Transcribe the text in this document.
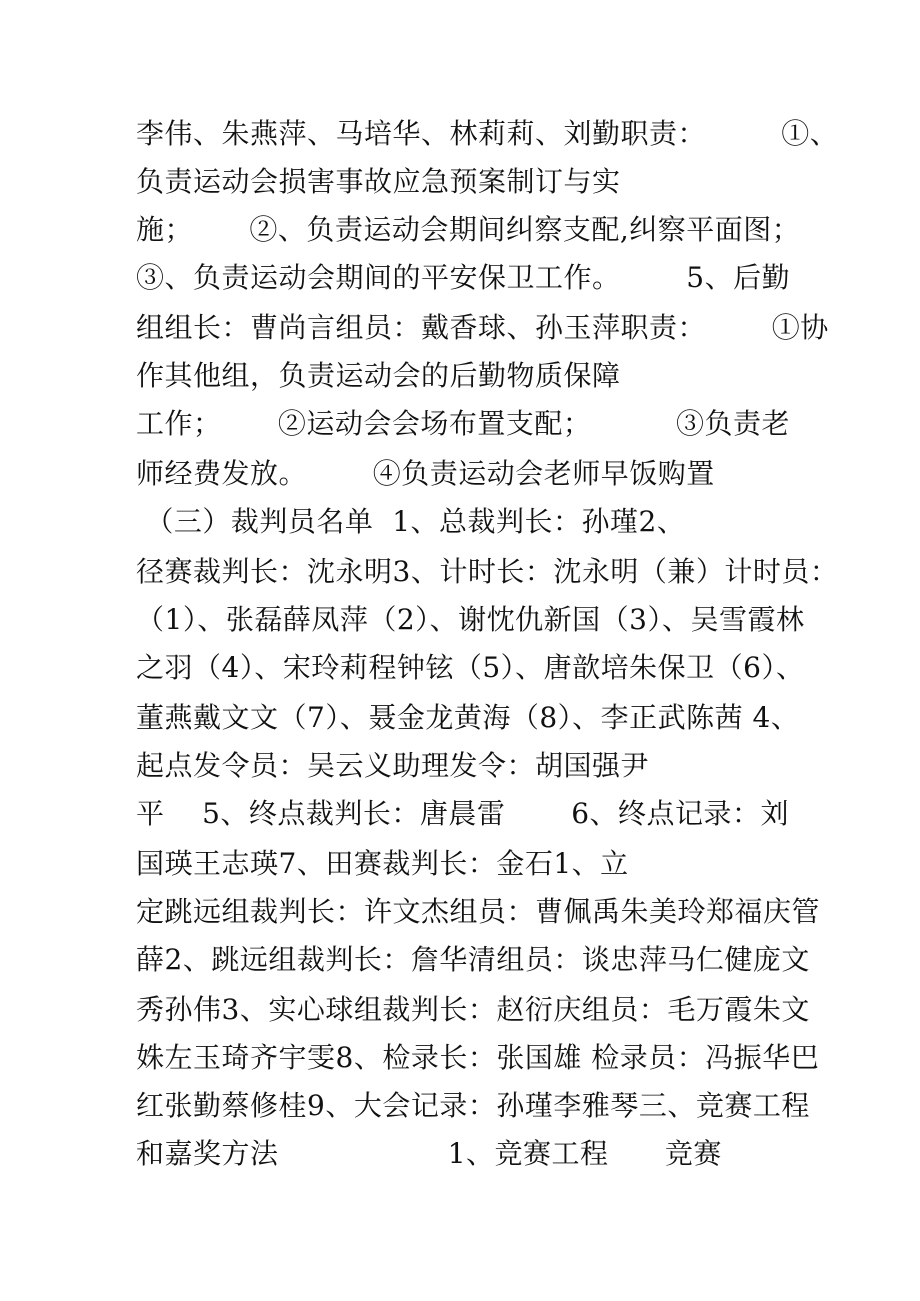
李伟、朱燕萍、马培华、林莉莉、刘勤职责：        ①、
负责运动会损害事故应急预案制订与实
施；      ②、负责运动会期间纠察支配,纠察平面图；
③、负责运动会期间的平安保卫工作。       5、后勤
组组长：曹尚言组员：戴香球、孙玉萍职责：       ①协
作其他组，负责运动会的后勤物质保障
工作；      ②运动会会场布置支配；         ③负责老
师经费发放。       ④负责运动会老师早饭购置
（三）裁判员名单  1、总裁判长：孙瑾2、
径赛裁判长：沈永明3、计时长：沈永明（兼）计时员：
（1）、张磊薛凤萍（2）、谢忱仇新国（3）、吴雪霞林
之羽（4）、宋玲莉程钟铉（5）、唐歆培朱保卫（6）、
董燕戴文文（7）、聂金龙黄海（8）、李正武陈茜 4、
起点发令员：吴云义助理发令：胡国强尹
平    5、终点裁判长：唐晨雷       6、终点记录：刘
国瑛王志瑛7、田赛裁判长：金石1、立
定跳远组裁判长：许文杰组员：曹佩禹朱美玲郑福庆管
薛2、跳远组裁判长：詹华清组员：谈忠萍马仁健庞文
秀孙伟3、实心球组裁判长：赵衍庆组员：毛万霞朱文
姝左玉琦齐宇雯8、检录长：张国雄 检录员：冯振华巴
红张勤蔡修桂9、大会记录：孙瑾李雅琴三、竞赛工程
和嘉奖方法                  1、竞赛工程      竞赛
